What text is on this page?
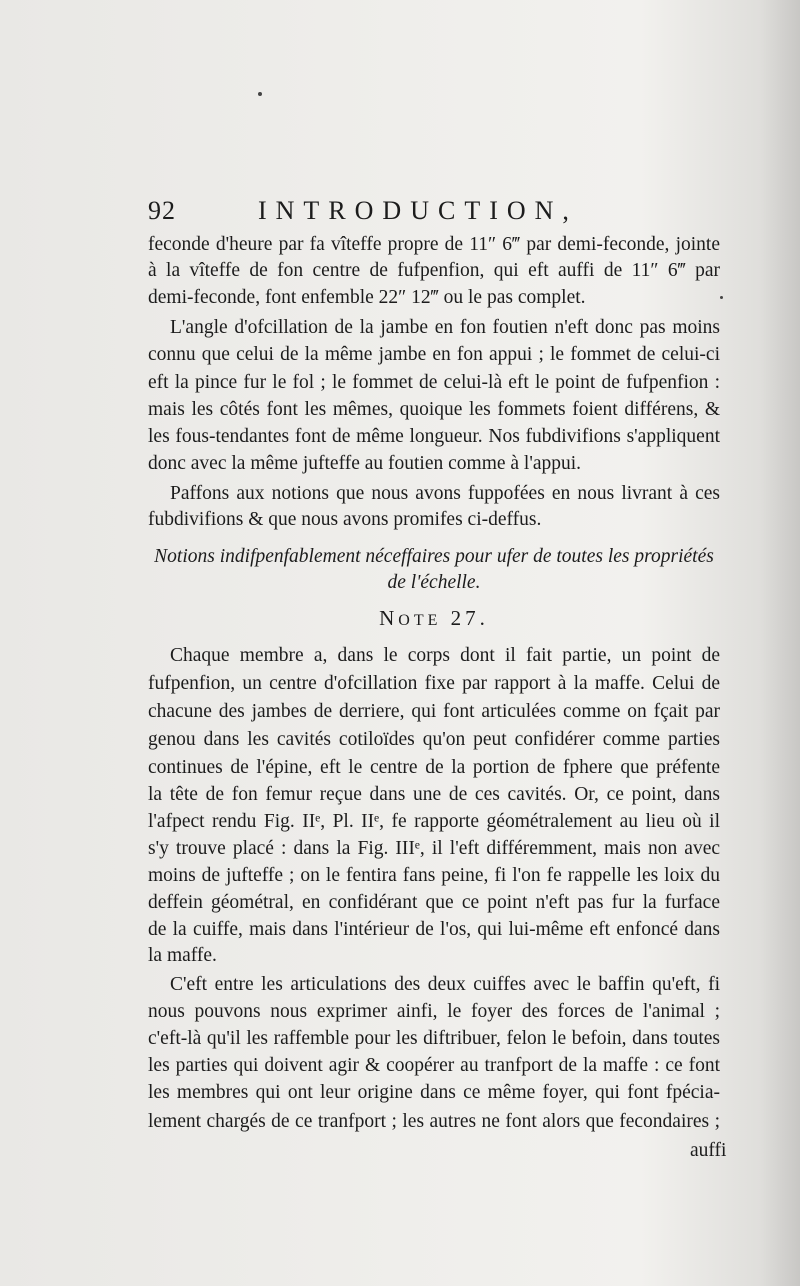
92	INTRODUCTION,
feconde d'heure par fa vîteffe propre de 11″ 6‴ par demi-feconde, jointe
à la vîteffe de fon centre de fufpenfion, qui eft auffi de 11″ 6‴ par
demi-feconde, font enfemble 22″ 12‴ ou le pas complet.
L'angle d'ofcillation de la jambe en fon foutien n'eft donc pas moins
connu que celui de la même jambe en fon appui ; le fommet de celui-ci
eft la pince fur le fol ; le fommet de celui-là eft le point de fufpenfion :
mais les côtés font les mêmes, quoique les fommets foient différens, &
les fous-tendantes font de même longueur. Nos fubdivifions s'appliquent
donc avec la même jufteffe au foutien comme à l'appui.
Paffons aux notions que nous avons fuppofées en nous livrant à ces
fubdivifions & que nous avons promifes ci-deffus.
Notions indifpenfablement néceffaires pour ufer de toutes les propriétés
de l'échelle.
NOTE 27.
Chaque membre a, dans le corps dont il fait partie, un point de
fufpenfion, un centre d'ofcillation fixe par rapport à la maffe. Celui de
chacune des jambes de derriere, qui font articulées comme on fçait par
genou dans les cavités cotiloïdes qu'on peut confidérer comme parties
continues de l'épine, eft le centre de la portion de fphere que préfente
la tête de fon femur reçue dans une de ces cavités. Or, ce point, dans
l'afpect rendu Fig. IIᵉ, Pl. IIᵉ, fe rapporte géométralement au lieu où il
s'y trouve placé : dans la Fig. IIIᵉ, il l'eft différemment, mais non avec
moins de jufteffe ; on le fentira fans peine, fi l'on fe rappelle les loix du
deffein géométral, en confidérant que ce point n'eft pas fur la furface
de la cuiffe, mais dans l'intérieur de l'os, qui lui-même eft enfoncé dans
la maffe.
C'eft entre les articulations des deux cuiffes avec le baffin qu'eft, fi
nous pouvons nous exprimer ainfi, le foyer des forces de l'animal ;
c'eft-là qu'il les raffemble pour les diftribuer, felon le befoin, dans toutes
les parties qui doivent agir & coopérer au tranfport de la maffe : ce font
les membres qui ont leur origine dans ce même foyer, qui font fpécia-
lement chargés de ce tranfport ; les autres ne font alors que fecondaires ;
auffi
